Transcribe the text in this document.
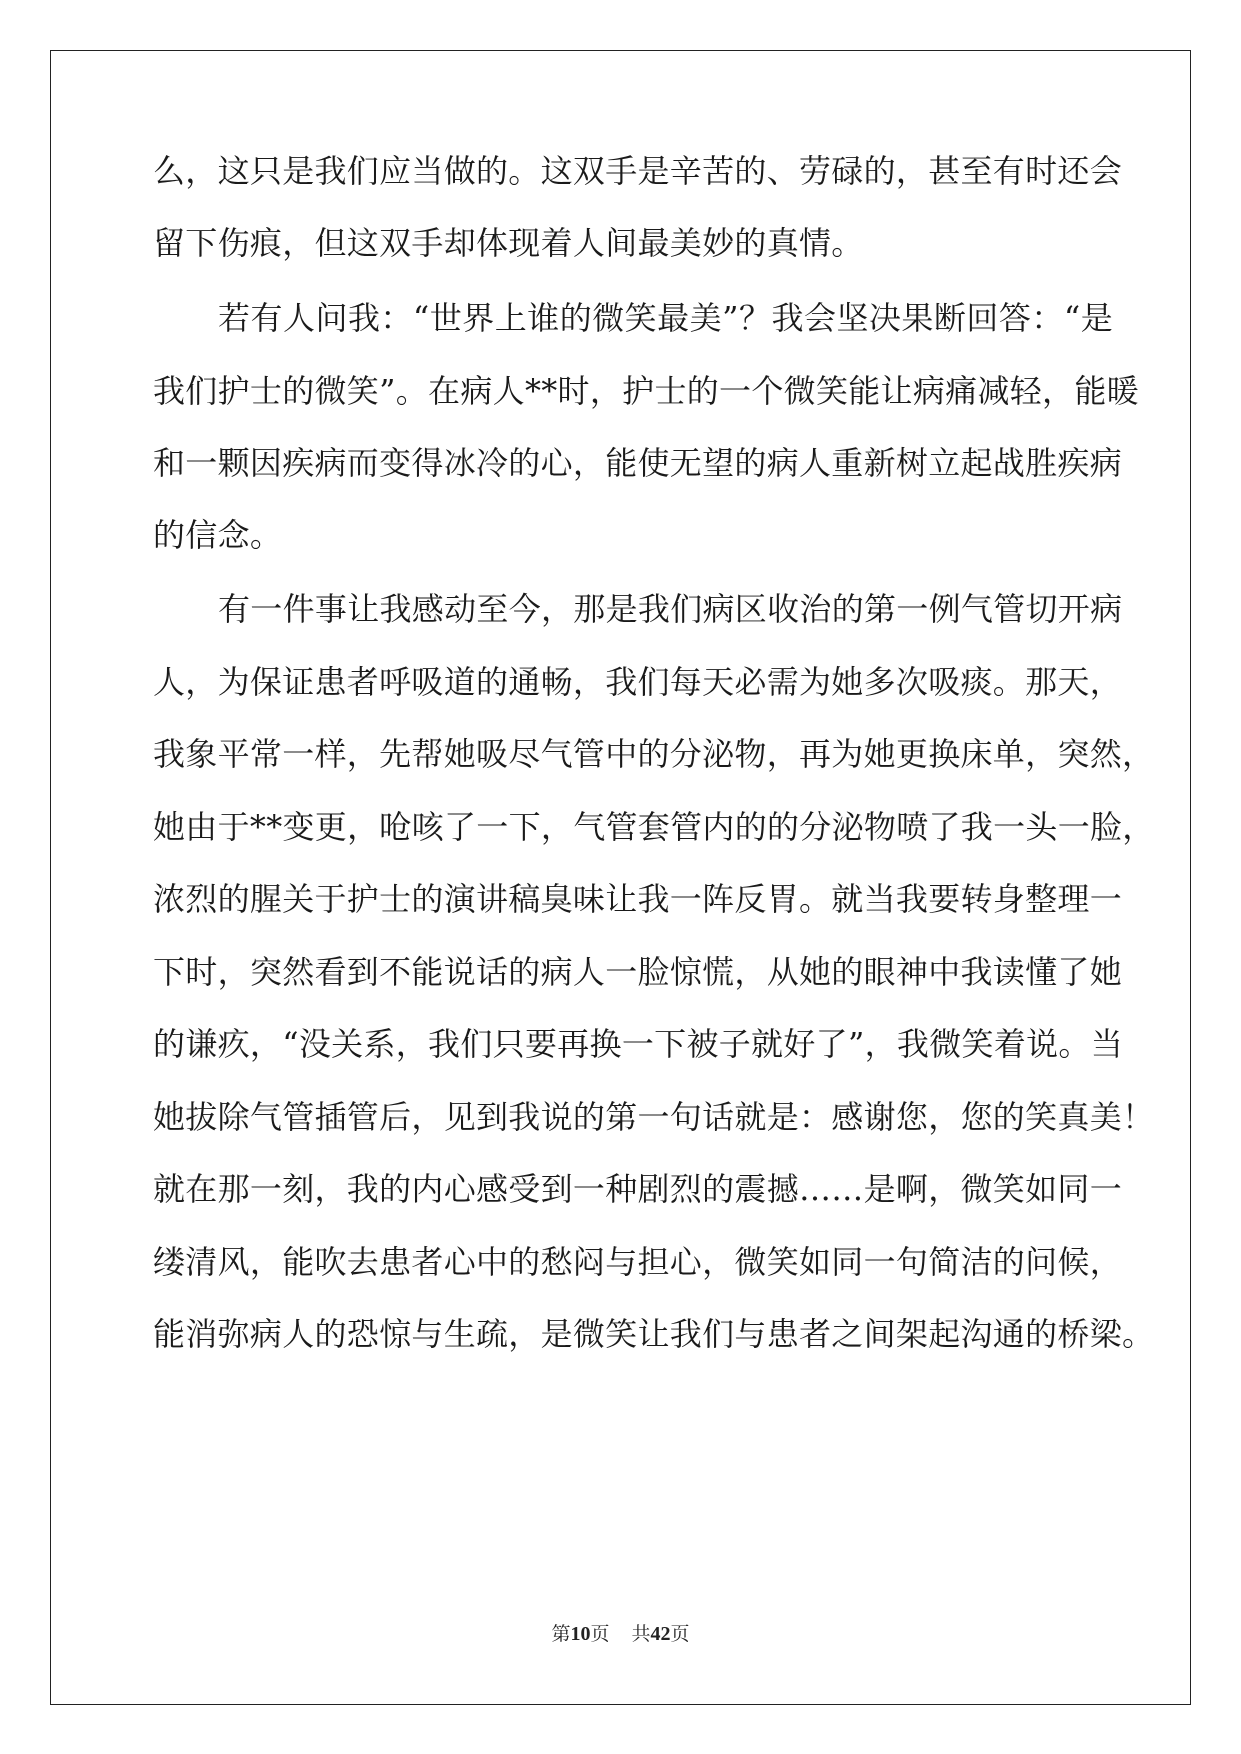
么，这只是我们应当做的。这双手是辛苦的、劳碌的，甚至有时还会
留下伤痕，但这双手却体现着人间最美妙的真情。
若有人问我：“世界上谁的微笑最美”？我会坚决果断回答：“是
我们护士的微笑”。在病人**时，护士的一个微笑能让病痛减轻，能暖
和一颗因疾病而变得冰冷的心，能使无望的病人重新树立起战胜疾病
的信念。
有一件事让我感动至今，那是我们病区收治的第一例气管切开病
人，为保证患者呼吸道的通畅，我们每天必需为她多次吸痰。那天，
我象平常一样，先帮她吸尽气管中的分泌物，再为她更换床单，突然，
她由于**变更，呛咳了一下，气管套管内的的分泌物喷了我一头一脸，
浓烈的腥关于护士的演讲稿臭味让我一阵反胃。就当我要转身整理一
下时，突然看到不能说话的病人一脸惊慌，从她的眼神中我读懂了她
的谦疚，“没关系，我们只要再换一下被子就好了”，我微笑着说。当
她拔除气管插管后，见到我说的第一句话就是：感谢您，您的笑真美！
就在那一刻，我的内心感受到一种剧烈的震撼……是啊，微笑如同一
缕清风，能吹去患者心中的愁闷与担心，微笑如同一句简洁的问候，
能消弥病人的恐惊与生疏，是微笑让我们与患者之间架起沟通的桥梁。
第10页 共42页
